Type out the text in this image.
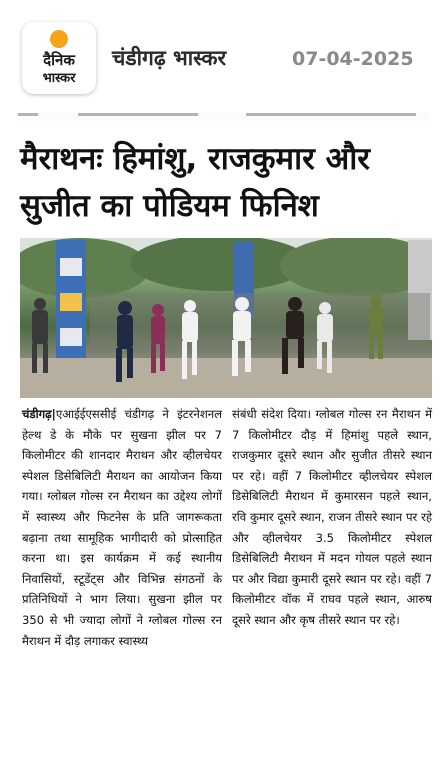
दैनिक
भास्कर
चंडीगढ़ भास्कर	07-04-2025
मैराथनः हिमांशु, राजकुमार और सुजीत का पोडियम फिनिश
चंडीगढ़|एआईईएससीई चंडीगढ़ ने इंटरनेशनल हेल्थ डे के मौके पर सुखना झील पर 7 किलोमीटर की शानदार मैराथन और व्हीलचेयर स्पेशल डिसेबिलिटी मैराथन का आयोजन किया गया। ग्लोबल गोल्स रन मैराथन का उद्देश्य लोगों में स्वास्थ्य और फिटनेस के प्रति जागरूकता बढ़ाना तथा सामूहिक भागीदारी को प्रोत्साहित करना था। इस कार्यक्रम में कई स्थानीय निवासियों, स्टूडेंट्स और विभिन्न संगठनों के प्रतिनिधियों ने भाग लिया। सुखना झील पर 350 से भी ज्यादा लोगों ने ग्लोबल गोल्स रन मैराथन में दौड़ लगाकर स्वास्थ्य
संबंधी संदेश दिया। ग्लोबल गोल्स रन मैराथन में 7 किलोमीटर दौड़ में हिमांशु पहले स्थान, राजकुमार दूसरे स्थान और सुजीत तीसरे स्थान पर रहे। वहीं 7 किलोमीटर व्हीलचेयर स्पेशल डिसेबिलिटी मैराथन में कुमारसन पहले स्थान, रवि कुमार दूसरे स्थान, राजन तीसरे स्थान पर रहे और व्हीलचेयर 3.5 किलोमीटर स्पेशल डिसेबिलिटी मैराथन में मदन गोयल पहले स्थान पर और विद्या कुमारी दूसरे स्थान पर रहे। वहीं 7 किलोमीटर वॉक में राघव पहले स्थान, आरुष दूसरे स्थान और कृष तीसरे स्थान पर रहे।
